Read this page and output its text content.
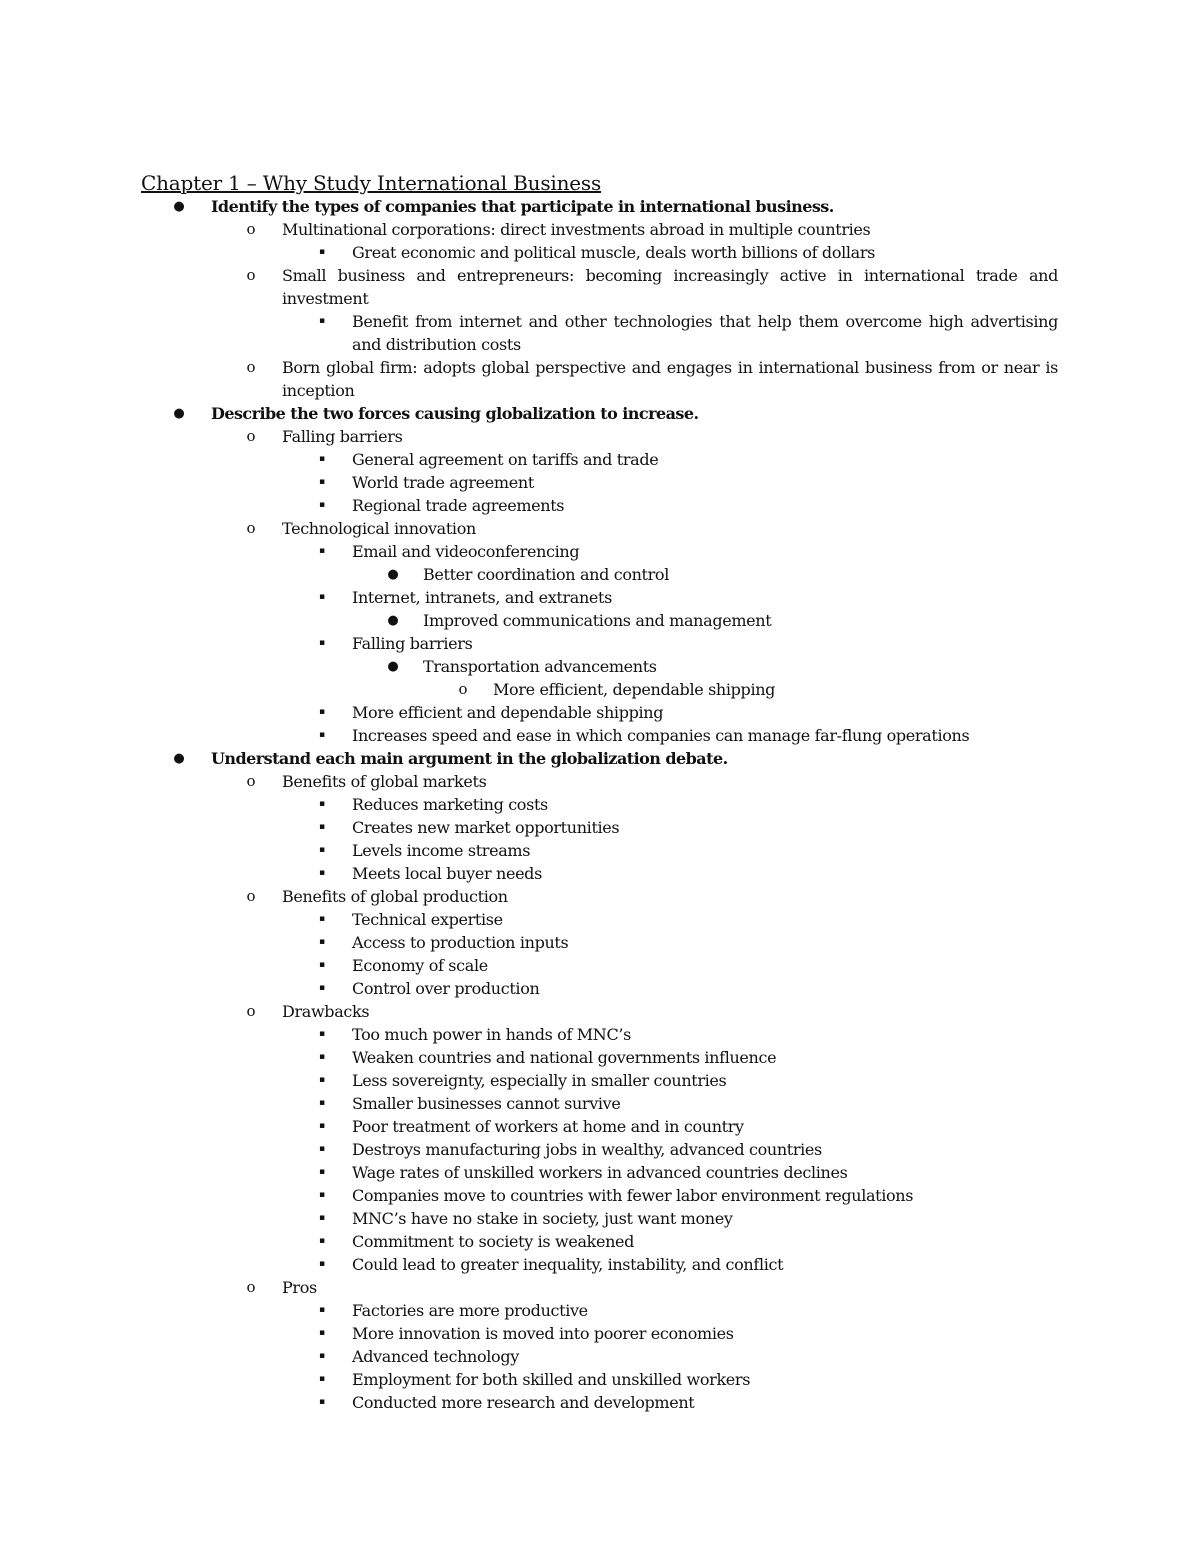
Chapter 1 – Why Study International Business
● Identify the types of companies that participate in international business.
o Multinational corporations: direct investments abroad in multiple countries
▪ Great economic and political muscle, deals worth billions of dollars
o Small business and entrepreneurs: becoming increasingly active in international trade and investment
▪ Benefit from internet and other technologies that help them overcome high advertising and distribution costs
o Born global firm: adopts global perspective and engages in international business from or near is inception
● Describe the two forces causing globalization to increase.
o Falling barriers
▪ General agreement on tariffs and trade
▪ World trade agreement
▪ Regional trade agreements
o Technological innovation
▪ Email and videoconferencing
● Better coordination and control
▪ Internet, intranets, and extranets
● Improved communications and management
▪ Falling barriers
● Transportation advancements
o More efficient, dependable shipping
▪ More efficient and dependable shipping
▪ Increases speed and ease in which companies can manage far-flung operations
● Understand each main argument in the globalization debate.
o Benefits of global markets
▪ Reduces marketing costs
▪ Creates new market opportunities
▪ Levels income streams
▪ Meets local buyer needs
o Benefits of global production
▪ Technical expertise
▪ Access to production inputs
▪ Economy of scale
▪ Control over production
o Drawbacks
▪ Too much power in hands of MNC’s
▪ Weaken countries and national governments influence
▪ Less sovereignty, especially in smaller countries
▪ Smaller businesses cannot survive
▪ Poor treatment of workers at home and in country
▪ Destroys manufacturing jobs in wealthy, advanced countries
▪ Wage rates of unskilled workers in advanced countries declines
▪ Companies move to countries with fewer labor environment regulations
▪ MNC’s have no stake in society, just want money
▪ Commitment to society is weakened
▪ Could lead to greater inequality, instability, and conflict
o Pros
▪ Factories are more productive
▪ More innovation is moved into poorer economies
▪ Advanced technology
▪ Employment for both skilled and unskilled workers
▪ Conducted more research and development
